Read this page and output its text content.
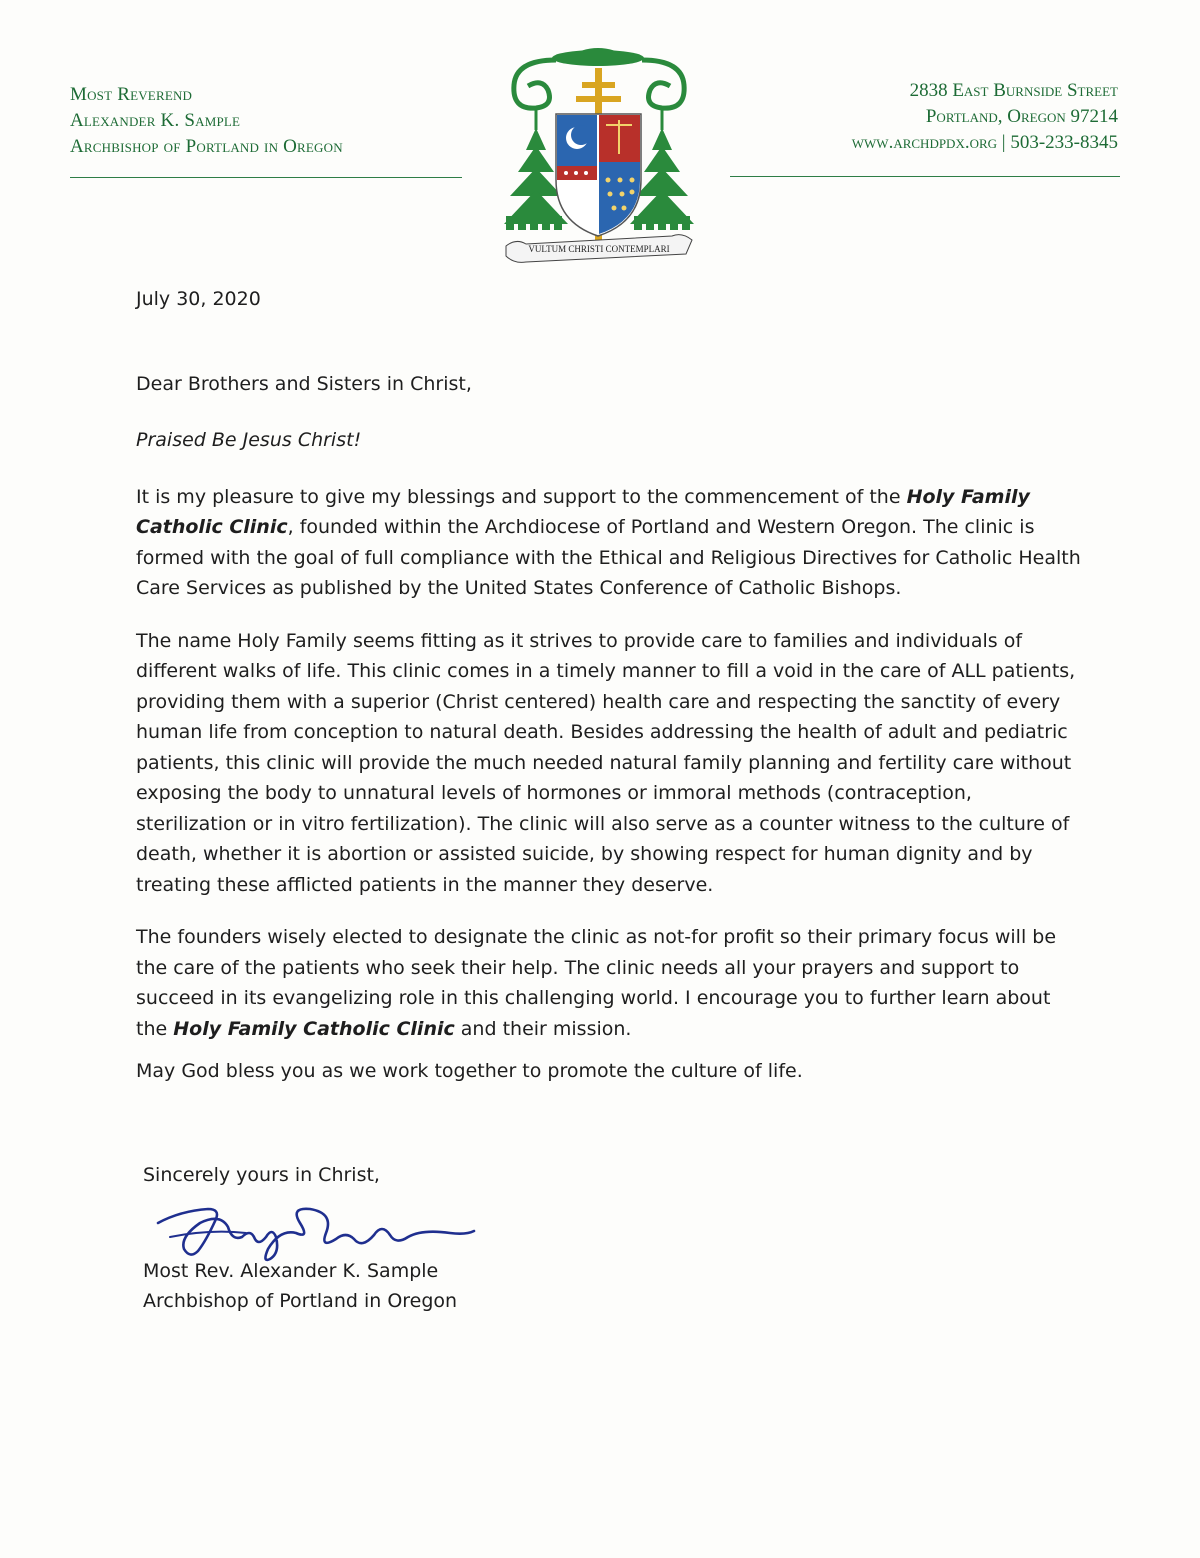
Most Reverend
Alexander K. Sample
Archbishop of Portland in Oregon
VULTUM CHRISTI CONTEMPLARI
2838 East Burnside Street
Portland, Oregon 97214
www.archdpdx.org | 503-233-8345

July 30, 2020

Dear Brothers and Sisters in Christ,

Praised Be Jesus Christ!

It is my pleasure to give my blessings and support to the commencement of the Holy Family Catholic Clinic, founded within the Archdiocese of Portland and Western Oregon. The clinic is formed with the goal of full compliance with the Ethical and Religious Directives for Catholic Health Care Services as published by the United States Conference of Catholic Bishops.

The name Holy Family seems fitting as it strives to provide care to families and individuals of different walks of life. This clinic comes in a timely manner to fill a void in the care of ALL patients, providing them with a superior (Christ centered) health care and respecting the sanctity of every human life from conception to natural death. Besides addressing the health of adult and pediatric patients, this clinic will provide the much needed natural family planning and fertility care without exposing the body to unnatural levels of hormones or immoral methods (contraception, sterilization or in vitro fertilization). The clinic will also serve as a counter witness to the culture of death, whether it is abortion or assisted suicide, by showing respect for human dignity and by treating these afflicted patients in the manner they deserve.

The founders wisely elected to designate the clinic as not-for profit so their primary focus will be the care of the patients who seek their help. The clinic needs all your prayers and support to succeed in its evangelizing role in this challenging world. I encourage you to further learn about the Holy Family Catholic Clinic and their mission.

May God bless you as we work together to promote the culture of life.

Sincerely yours in Christ,
Most Rev. Alexander K. Sample
Archbishop of Portland in Oregon
